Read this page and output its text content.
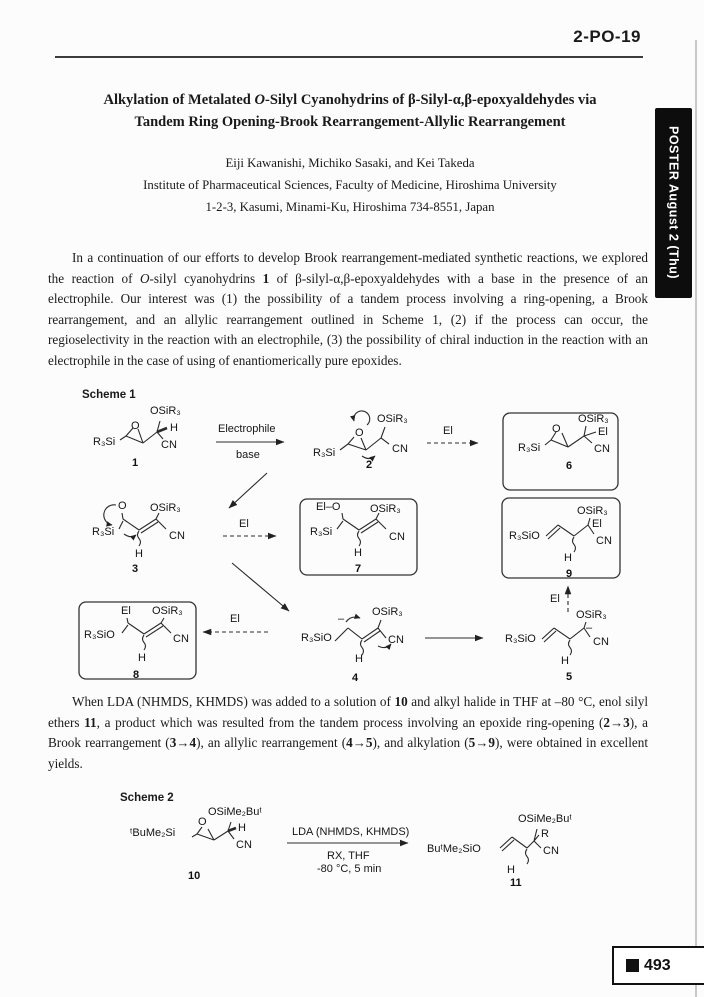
2-PO-19
POSTER August 2 (Thu)
Alkylation of Metalated O-Silyl Cyanohydrins of β-Silyl-α,β-epoxyaldehydes via
Tandem Ring Opening-Brook Rearrangement-Allylic Rearrangement
Eiji Kawanishi, Michiko Sasaki, and Kei Takeda
Institute of Pharmaceutical Sciences, Faculty of Medicine, Hiroshima University
1-2-3, Kasumi, Minami-Ku, Hiroshima 734-8551, Japan

In a continuation of our efforts to develop Brook rearrangement-mediated synthetic reactions, we explored the reaction of O-silyl cyanohydrins 1 of β-silyl-α,β-epoxyaldehydes with a base in the presence of an electrophile. Our interest was (1) the possibility of a tandem process involving a ring-opening, a Brook rearrangement, and an allylic rearrangement outlined in Scheme 1, (2) if the process can occur, the regioselectivity in the reaction with an electrophile, (3) the possibility of chiral induction in the reaction with an electrophile in the case of using of enantiomerically pure epoxides.

When LDA (NHMDS, KHMDS) was added to a solution of 10 and alkyl halide in THF at –80 °C, enol silyl ethers 11, a product which was resulted from the tandem process involving an epoxide ring-opening (2→3), a Brook rearrangement (3→4), an allylic rearrangement (4→5), and alkylation (5→9), were obtained in excellent yields.

Scheme 1
R₃Si
O
OSiR₃
H
CN
1
Electrophile
base	R₃Si
O
OSiR₃
CN
2
El
R₃Si
O
OSiR₃
El
CN
6
O OSiR₃
R₃Si	CN
H
3
El
El–O	OSiR₃
R₃Si	CN
H
7
R₃SiO
OSiR₃
El
CN
H
9
El
El OSiR₃
R₃SiO	CN
H
8
El
R₃SiO
–
OSiR₃
CN
H
4
R₃SiO
OSiR₃
–
CN
H
5
Scheme 2
ᵗBuMe₂Si
O
OSiMe₂Buᵗ
H
CN
10
LDA (NHMDS, KHMDS)
RX, THF
-80 °C, 5 min
OSiMe₂Buᵗ
R
BuᵗMe₂SiO	CN
H
11
493
